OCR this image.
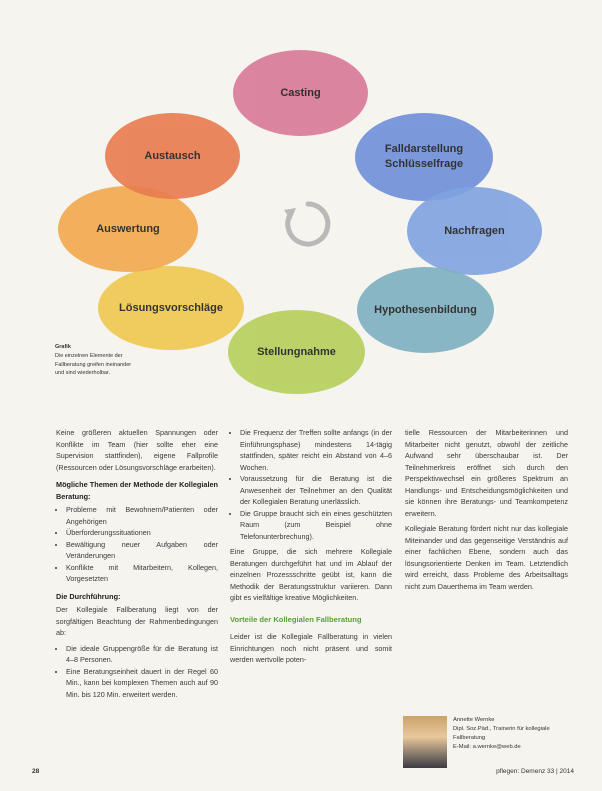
Casting
Falldarstellung Schlüsselfrage
Nachfragen
Hypothesenbildung
Stellungnahme
Lösungsvorschläge
Auswertung
Austausch
Grafik
Die einzelnen Elemente der Fallberatung greifen ineinander und sind wiederholbar.

Keine größeren aktuellen Spannungen oder Konflikte im Team (hier sollte eher eine Supervision stattfinden), eigene Fallprofile (Ressourcen oder Lösungsvorschläge erarbeiten).

Mögliche Themen der Methode der Kollegialen Beratung:
• Probleme mit Bewohnern/Patienten oder Angehörigen
• Überforderungssituationen
• Bewältigung neuer Aufgaben oder Veränderungen
• Konflikte mit Mitarbeitern, Kollegen, Vorgesetzten
Die Durchführung:

Der Kollegiale Fallberatung liegt von der sorgfältigen Beachtung der Rahmenbedingungen ab:

• Die ideale Gruppengröße für die Beratung ist 4–8 Personen.
• Eine Beratungseinheit dauert in der Regel 60 Min., kann bei komplexen Themen auch auf 90 Min. bis 120 Min. erweitert werden.
• Die Frequenz der Treffen sollte anfangs (in der Einführungsphase) mindestens 14-tägig stattfinden, später reicht ein Abstand von 4–6 Wochen.
• Voraussetzung für die Beratung ist die Anwesenheit der Teilnehmer an den Qualität der Kollegialen Beratung unerlässlich.
• Die Gruppe braucht sich ein eines geschützten Raum (zum Beispiel ohne Telefonunterbrechung).

Eine Gruppe, die sich mehrere Kollegiale Beratungen durchgeführt hat und im Ablauf der einzelnen Prozessschritte geübt ist, kann die Methodik der Beratungsstruktur variieren. Dann gibt es vielfältige kreative Möglichkeiten.

Vorteile der Kollegialen Fallberatung

Leider ist die Kollegiale Fallberatung in vielen Einrichtungen noch nicht präsent und somit werden wertvolle poten-

tielle Ressourcen der Mitarbeiterinnen und Mitarbeiter nicht genutzt, obwohl der zeitliche Aufwand sehr überschaubar ist. Der Teilnehmerkreis eröffnet sich durch den Perspektivwechsel ein größeres Spektrum an Handlungs- und Entscheidungsmöglichkeiten und sie können ihre Beratungs- und Teamkompetenz erweitern.

Kollegiale Beratung fördert nicht nur das kollegiale Miteinander und das gegenseitige Verständnis auf einer fachlichen Ebene, sondern auch das lösungsorientierte Denken im Team. Letztendlich wird erreicht, dass Probleme des Arbeitsalltags nicht zum Dauerthema im Team werden.

Annette Wernke
Dipl. Soz.Päd., Trainerin für kollegiale Fallberatung
E-Mail: a.wernke@web.de
28	pflegen: Demenz 33 | 2014
